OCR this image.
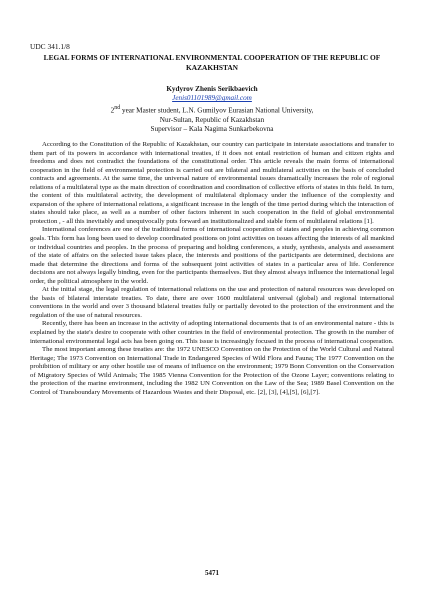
UDC 341.1/8
LEGAL FORMS OF INTERNATIONAL ENVIRONMENTAL COOPERATION OF THE REPUBLIC OF KAZAKHSTAN
Kydyrov Zhenis Serikbaevich
Jenis01101989@gmail.com
2nd year Master student, L.N. Gumilyov Eurasian National University,
Nur-Sultan, Republic of Kazakhstan
Supervisor – Kala Nagima Sunkarbekovna

According to the Constitution of the Republic of Kazakhstan, our country can participate in interstate associations and transfer to them part of its powers in accordance with international treaties, if it does not entail restriction of human and citizen rights and freedoms and does not contradict the foundations of the constitutional order. This article reveals the main forms of international cooperation in the field of environmental protection is carried out are bilateral and multilateral activities on the basis of concluded contracts and agreements. At the same time, the universal nature of environmental issues dramatically increases the role of regional relations of a multilateral type as the main direction of coordination and coordination of collective efforts of states in this field. In turn, the content of this multilateral activity, the development of multilateral diplomacy under the influence of the complexity and expansion of the sphere of international relations, a significant increase in the length of the time period during which the interaction of states should take place, as well as a number of other factors inherent in such cooperation in the field of global environmental protection , - all this inevitably and unequivocally puts forward an institutionalized and stable form of multilateral relations [1].

International conferences are one of the traditional forms of international cooperation of states and peoples in achieving common goals. This form has long been used to develop coordinated positions on joint activities on issues affecting the interests of all mankind or individual countries and peoples. In the process of preparing and holding conferences, a study, synthesis, analysis and assessment of the state of affairs on the selected issue takes place, the interests and positions of the participants are determined, decisions are made that determine the directions and forms of the subsequent joint activities of states in a particular area of life. Conference decisions are not always legally binding, even for the participants themselves. But they almost always influence the international legal order, the political atmosphere in the world.

At the initial stage, the legal regulation of international relations on the use and protection of natural resources was developed on the basis of bilateral interstate treaties. To date, there are over 1600 multilateral universal (global) and regional international conventions in the world and over 3 thousand bilateral treaties fully or partially devoted to the protection of the environment and the regulation of the use of natural resources.

Recently, there has been an increase in the activity of adopting international documents that is of an environmental nature - this is explained by the state's desire to cooperate with other countries in the field of environmental protection. The growth in the number of international environmental legal acts has been going on. This issue is increasingly focused in the process of international cooperation.

The most important among these treaties are: the 1972 UNESCO Convention on the Protection of the World Cultural and Natural Heritage; The 1973 Convention on International Trade in Endangered Species of Wild Flora and Fauna; The 1977 Convention on the prohibition of military or any other hostile use of means of influence on the environment; 1979 Bonn Convention on the Conservation of Migratory Species of Wild Animals; The 1985 Vienna Convention for the Protection of the Ozone Layer; conventions relating to the protection of the marine environment, including the 1982 UN Convention on the Law of the Sea; 1989 Basel Convention on the Control of Transboundary Movements of Hazardous Wastes and their Disposal, etc. [2], [3], [4],[5], [6],[7].

5471
